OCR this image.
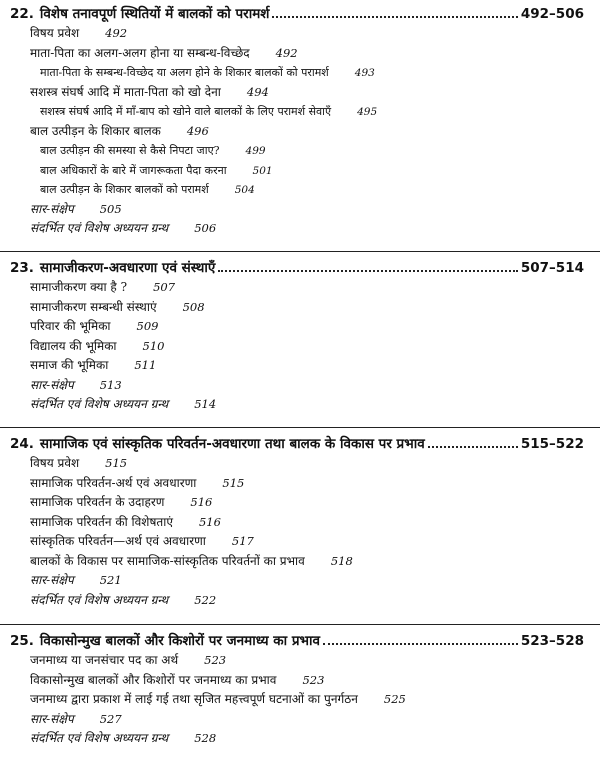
22. विशेष तनावपूर्ण स्थितियों में बालकों को परामर्श	492–506
विषय प्रवेश 492
माता-पिता का अलग-अलग होना या सम्बन्ध-विच्छेद 492
माता-पिता के सम्बन्ध-विच्छेद या अलग होने के शिकार बालकों को परामर्श 493
सशस्त्र संघर्ष आदि में माता-पिता को खो देना 494
सशस्त्र संघर्ष आदि में माँ-बाप को खोने वाले बालकों के लिए परामर्श सेवाएँ 495
बाल उत्पीड़न के शिकार बालक 496
बाल उत्पीड़न की समस्या से कैसे निपटा जाए? 499
बाल अधिकारों के बारे में जागरूकता पैदा करना 501
बाल उत्पीड़न के शिकार बालकों को परामर्श 504
सार-संक्षेप 505
संदर्भित एवं विशेष अध्ययन ग्रन्थ 506
23. सामाजीकरण-अवधारणा एवं संस्थाएँ	507–514
सामाजीकरण क्या है ? 507
सामाजीकरण सम्बन्धी संस्थाएं 508
परिवार की भूमिका 509
विद्यालय की भूमिका 510
समाज की भूमिका 511
सार-संक्षेप 513
संदर्भित एवं विशेष अध्ययन ग्रन्थ 514
24. सामाजिक एवं सांस्कृतिक परिवर्तन-अवधारणा तथा बालक के विकास पर प्रभाव	515–522
विषय प्रवेश 515
सामाजिक परिवर्तन-अर्थ एवं अवधारणा 515
सामाजिक परिवर्तन के उदाहरण 516
सामाजिक परिवर्तन की विशेषताएं 516
सांस्कृतिक परिवर्तन—अर्थ एवं अवधारणा 517
बालकों के विकास पर सामाजिक-सांस्कृतिक परिवर्तनों का प्रभाव 518
सार-संक्षेप 521
संदर्भित एवं विशेष अध्ययन ग्रन्थ 522
25. विकासोन्मुख बालकों और किशोरों पर जनमाध्य का प्रभाव	523–528
जनमाध्य या जनसंचार पद का अर्थ 523
विकासोन्मुख बालकों और किशोरों पर जनमाध्य का प्रभाव 523
जनमाध्य द्वारा प्रकाश में लाई गई तथा सृजित महत्त्वपूर्ण घटनाओं का पुनर्गठन 525
सार-संक्षेप 527
संदर्भित एवं विशेष अध्ययन ग्रन्थ 528
